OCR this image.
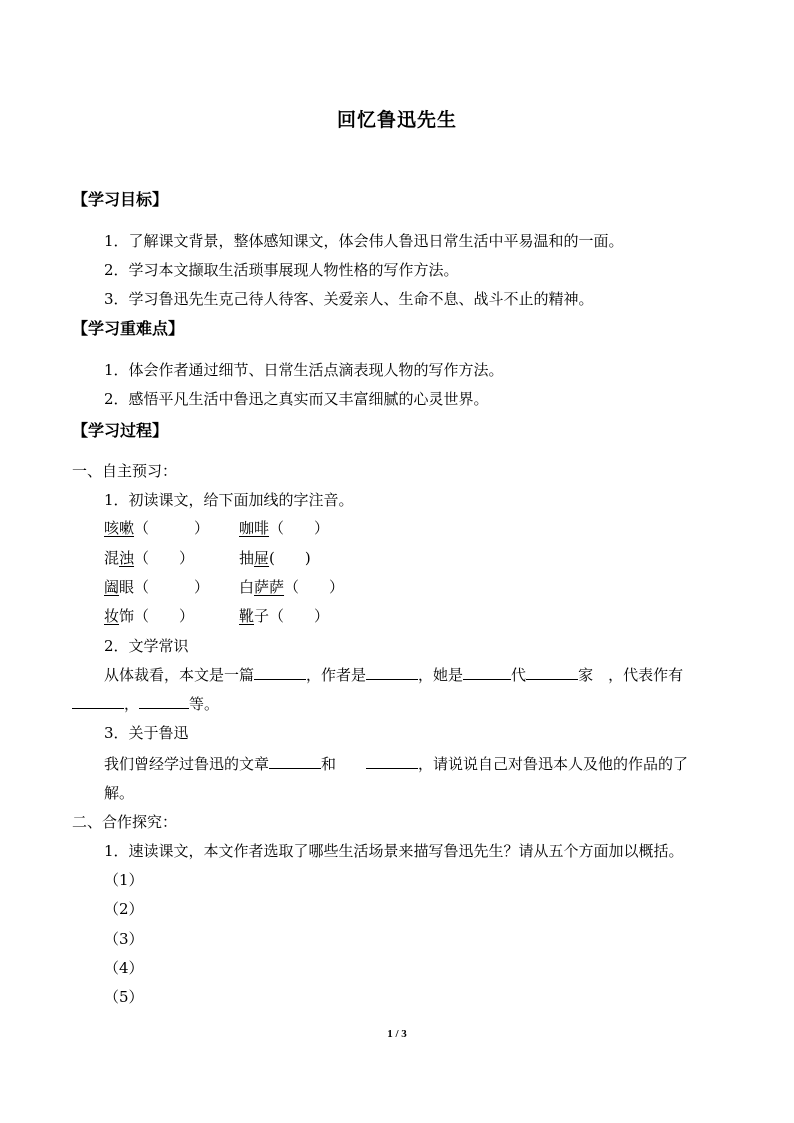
回忆鲁迅先生
【学习目标】
1．了解课文背景，整体感知课文，体会伟人鲁迅日常生活中平易温和的一面。
2．学习本文撷取生活琐事展现人物性格的写作方法。
3．学习鲁迅先生克己待人待客、关爱亲人、生命不息、战斗不止的精神。
【学习重难点】
1．体会作者通过细节、日常生活点滴表现人物的写作方法。
2．感悟平凡生活中鲁迅之真实而又丰富细腻的心灵世界。
【学习过程】
一、自主预习：
1．初读课文，给下面加线的字注音。
咳嗽（　　　） 咖啡（　　）
混浊（　　）	抽屉(　　)
阖眼（　　　） 白萨萨（　　）
妆饰（　　）	靴子（　　）
2．文学常识
从体裁看，本文是一篇	，作者是	，她是	代	家　，代表作有
，	等。
3．关于鲁迅
我们曾经学过鲁迅的文章	和　　	，请说说自己对鲁迅本人及他的作品的了
解。
二、合作探究：
1．速读课文，本文作者选取了哪些生活场景来描写鲁迅先生？请从五个方面加以概括。
（1）
（2）
（3）
（4）
（5）
1 / 3
